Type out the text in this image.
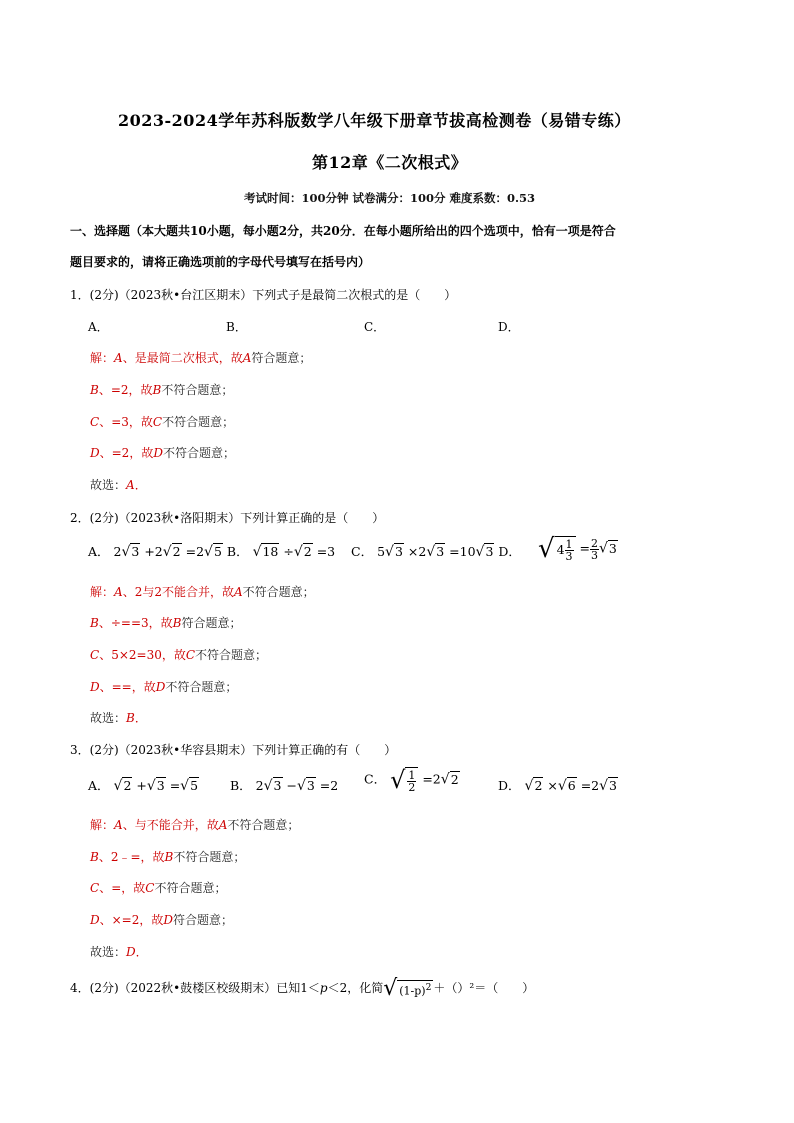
2023-2024学年苏科版数学八年级下册章节拔高检测卷（易错专练）
第12章《二次根式》
考试时间：100分钟 试卷满分：100分 难度系数：0.53
一、选择题（本大题共10小题，每小题2分，共20分．在每小题所给出的四个选项中，恰有一项是符合
题目要求的，请将正确选项前的字母代号填写在括号内）
1．(2分)（2023秋•台江区期末）下列式子是最简二次根式的是（　　）
A．	B．	C．	D．
解：A、是最简二次根式，故A符合题意；
B、=2，故B不符合题意；
C、=3，故C不符合题意；
D、=2，故D不符合题意；
故选：A．
2．(2分)（2023秋•洛阳期末）下列计算正确的是（　　）
A． 2√3 +2√2 =2√5 B． √18 ÷√2 =3    C． 5√3 ×2√3 =10√3 D． √ $4 \frac{1}{3} = \frac{2}{3} √3$
解：A、2与2不能合并，故A不符合题意；
B、÷==3，故B符合题意；
C、5×2=30，故C不符合题意；
D、==，故D不符合题意；
故选：B．
3．(2分)（2023秋•华容县期末）下列计算正确的有（　　）
A． √2 +√3 =√5	B． 2√3 −√3 =2 C． √ $\frac{1}{2} =2√2$	D． √2 ×√6 =2√3
解：A、与不能合并，故A不符合题意；
B、2﹣=，故B不符合题意；
C、=，故C不符合题意；
D、×=2，故D符合题意；
故选：D．
4．(2分)（2022秋•鼓楼区校级期末）已知1＜p＜2，化简√ $(1-p)^2 +()^2=$（　　）
